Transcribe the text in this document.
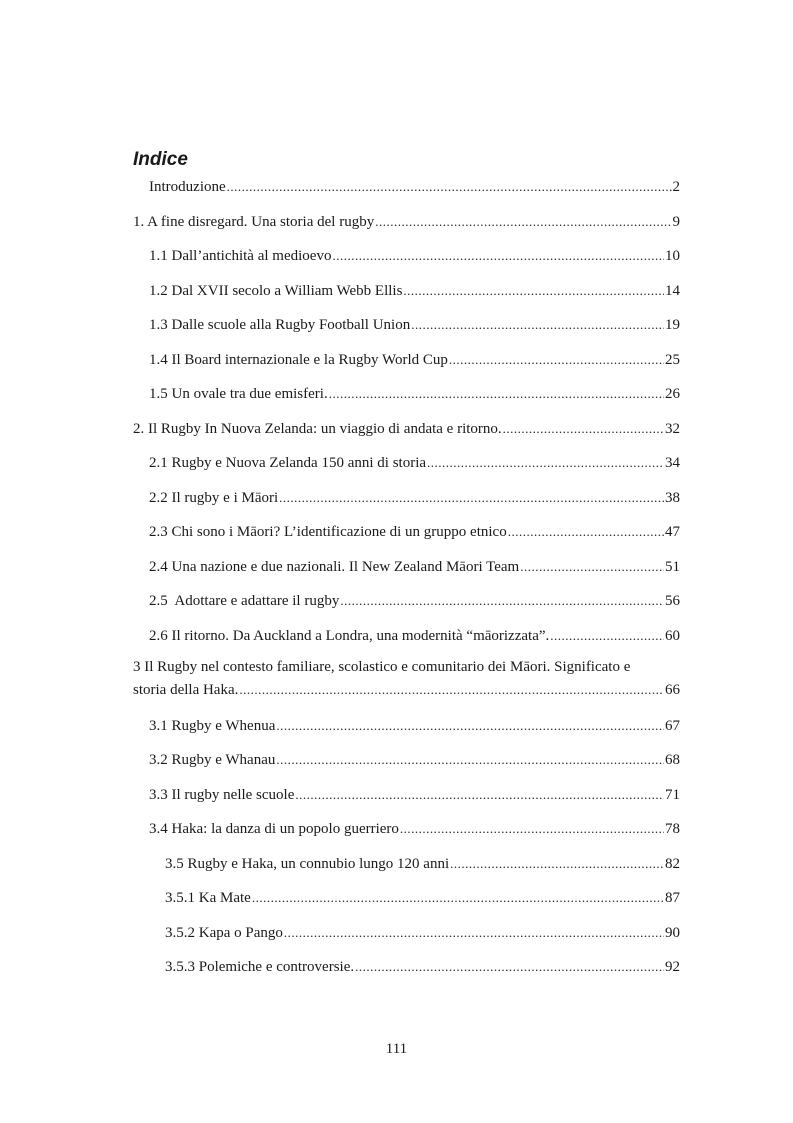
Indice
Introduzione .....	2
1. A fine disregard. Una storia del rugby .....	9
1.1 Dall’antichità al medioevo .....	10
1.2 Dal XVII secolo a William Webb Ellis .....	14
1.3 Dalle scuole alla Rugby Football Union .....	19
1.4 Il Board internazionale e la Rugby World Cup .....	25
1.5 Un ovale tra due emisferi. .....	26
2. Il Rugby In Nuova Zelanda: un viaggio di andata e ritorno. .....	32
2.1 Rugby e Nuova Zelanda 150 anni di storia .....	34
2.2 Il rugby e i Māori .....	38
2.3 Chi sono i Māori? L’identificazione di un gruppo etnico .....	47
2.4 Una nazione e due nazionali. Il New Zealand Māori Team .....	51
2.5  Adottare e adattare il rugby .....	56
2.6 Il ritorno. Da Auckland a Londra, una modernità “māorizzata”. .....	60
3 Il Rugby nel contesto familiare, scolastico e comunitario dei Māori. Significato e
storia della Haka. .....	66
3.1 Rugby e Whenua .....	67
3.2 Rugby e Whanau .....	68
3.3 Il rugby nelle scuole .....	71
3.4 Haka: la danza di un popolo guerriero .....	78
3.5 Rugby e Haka, un connubio lungo 120 anni .....	82
3.5.1 Ka Mate .....	87
3.5.2 Kapa o Pango .....	90
3.5.3 Polemiche e controversie. .....	92
111
